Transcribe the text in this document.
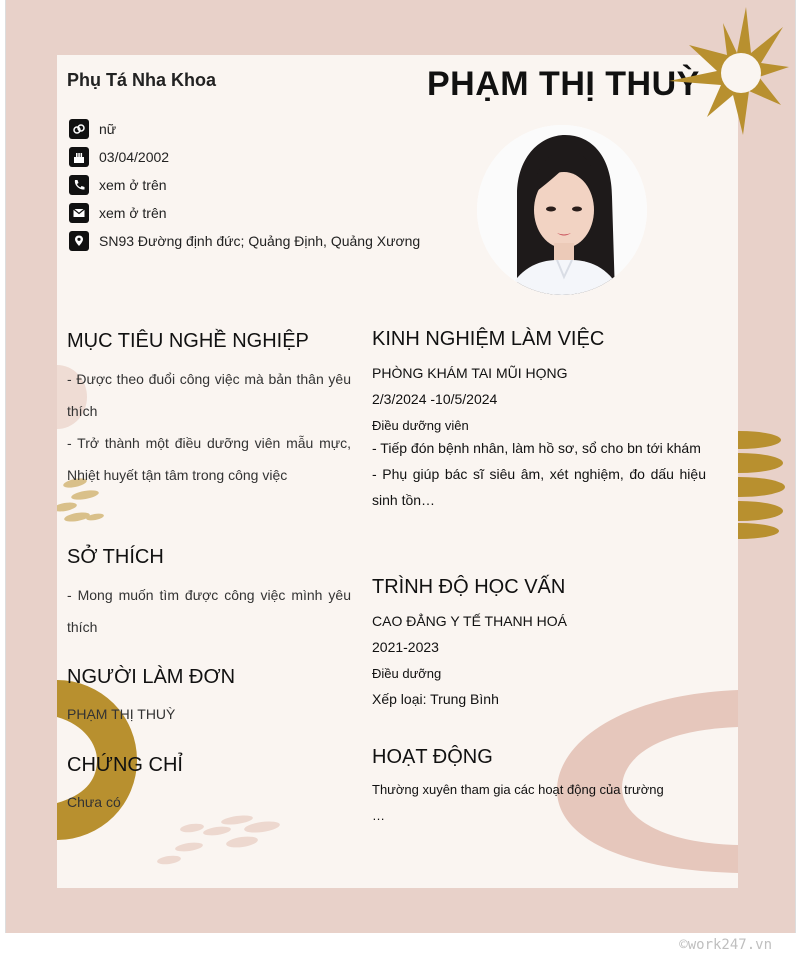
Phụ Tá Nha Khoa	PHẠM THỊ THUỲ
nữ
03/04/2002
xem ở trên
xem ở trên
SN93 Đường định đức; Quảng Định, Quảng Xương
MỤC TIÊU NGHỀ NGHIỆP
- Được theo đuổi công việc mà bản thân yêu thích
- Trở thành một điều dưỡng viên mẫu mực, Nhiệt huyết tận tâm trong công việc
SỞ THÍCH
- Mong muốn tìm được công việc mình yêu thích
NGƯỜI LÀM ĐƠN
PHẠM THỊ THUỲ
CHỨNG CHỈ
Chưa có
KINH NGHIỆM LÀM VIỆC
PHÒNG KHÁM TAI MŨI HỌNG
2/3/2024 -10/5/2024
Điều dưỡng viên
- Tiếp đón bệnh nhân, làm hồ sơ, sổ cho bn tới khám
- Phụ giúp bác sĩ siêu âm, xét nghiệm, đo dấu hiệu sinh tồn…
TRÌNH ĐỘ HỌC VẤN
CAO ĐẲNG Y TẾ THANH HOÁ
2021-2023
Điều dưỡng
Xếp loại: Trung Bình
HOẠT ĐỘNG
Thường xuyên tham gia các hoạt động của trường
…
©work247.vn
